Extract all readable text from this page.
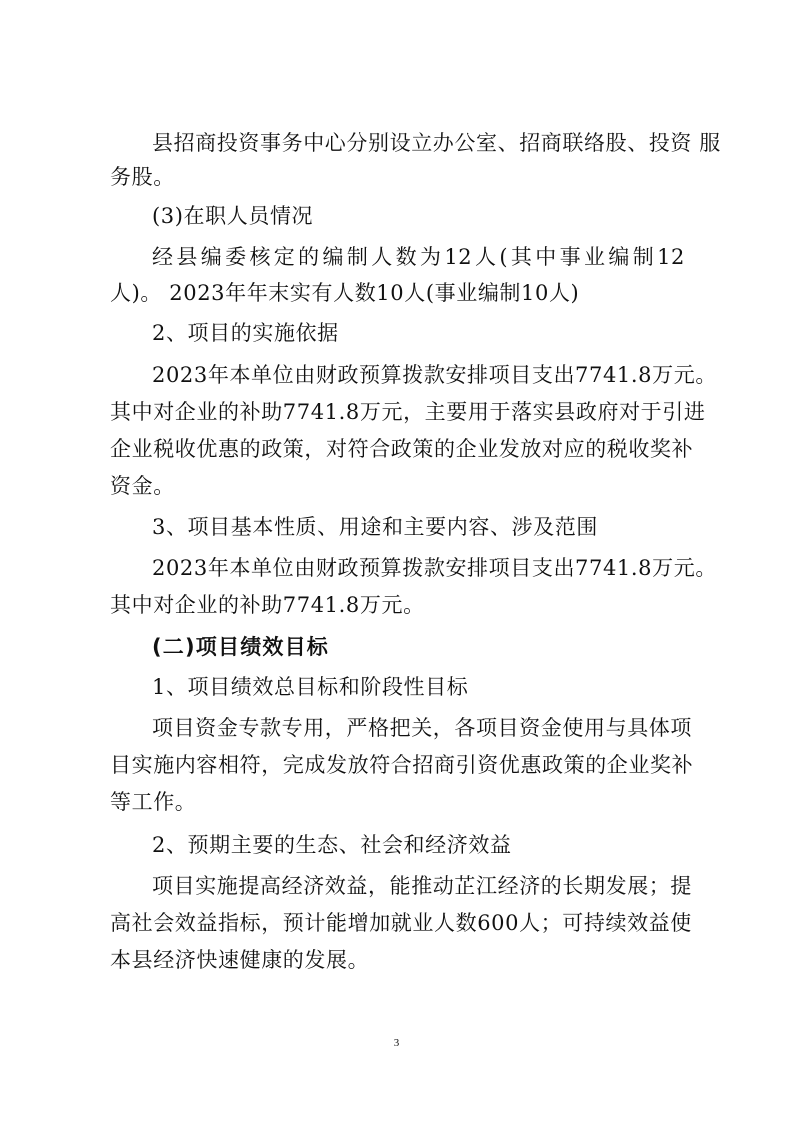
县招商投资事务中心分别设立办公室、招商联络股、投资 服
务股。
(3)在职人员情况
经县编委核定的编制人数为12人(其中事业编制12
人)。 2023年年末实有人数10人(事业编制10人)
2、项目的实施依据
2023年本单位由财政预算拨款安排项目支出7741.8万元。
其中对企业的补助7741.8万元，主要用于落实县政府对于引进
企业税收优惠的政策，对符合政策的企业发放对应的税收奖补
资金。
3、项目基本性质、用途和主要内容、涉及范围
2023年本单位由财政预算拨款安排项目支出7741.8万元。
其中对企业的补助7741.8万元。
(二)项目绩效目标
1、项目绩效总目标和阶段性目标
项目资金专款专用，严格把关，各项目资金使用与具体项
目实施内容相符，完成发放符合招商引资优惠政策的企业奖补
等工作。
2、预期主要的生态、社会和经济效益
项目实施提高经济效益，能推动芷江经济的长期发展；提
高社会效益指标，预计能增加就业人数600人；可持续效益使
本县经济快速健康的发展。
3
